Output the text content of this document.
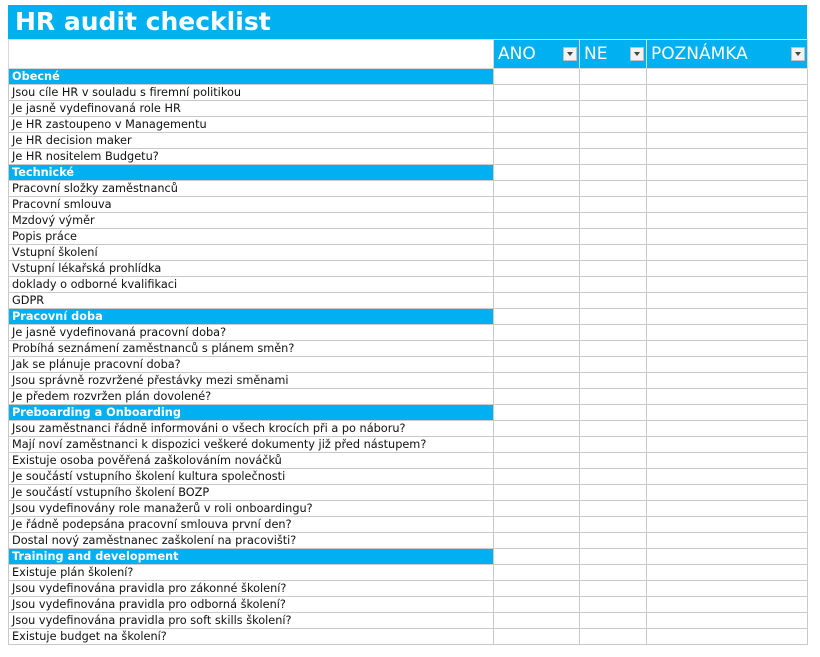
HR audit checklist
	ANO	NE	POZNÁMKA

Obecné			
Jsou cíle HR v souladu s firemní politikou			
Je jasně vydefinovaná role HR			
Je HR zastoupeno v Managementu			
Je HR decision maker			
Je HR nositelem Budgetu?			
Technické			
Pracovní složky zaměstnanců			
Pracovní smlouva			
Mzdový výměr			
Popis práce			
Vstupní školení			
Vstupní lékařská prohlídka			
doklady o odborné kvalifikaci			
GDPR			
Pracovní doba			
Je jasně vydefinovaná pracovní doba?			
Probíhá seznámení zaměstnanců s plánem směn?			
Jak se plánuje pracovní doba?			
Jsou správně rozvržené přestávky mezi směnami			
Je předem rozvržen plán dovolené?			
Preboarding a Onboarding			
Jsou zaměstnanci řádně informováni o všech krocích při a po náboru?			
Mají noví zaměstnanci k dispozici veškeré dokumenty již před nástupem?			
Existuje osoba pověřená zaškolováním nováčků			
Je součástí vstupního školení kultura společnosti			
Je součástí vstupního školení BOZP			
Jsou vydefinovány role manažerů v roli onboardingu?			
Je řádně podepsána pracovní smlouva první den?			
Dostal nový zaměstnanec zaškolení na pracovišti?			
Training and development			
Existuje plán školení?			
Jsou vydefinována pravidla pro zákonné školení?			
Jsou vydefinována pravidla pro odborná školení?			
Jsou vydefinována pravidla pro soft skills školení?			
Existuje budget na školení?			
